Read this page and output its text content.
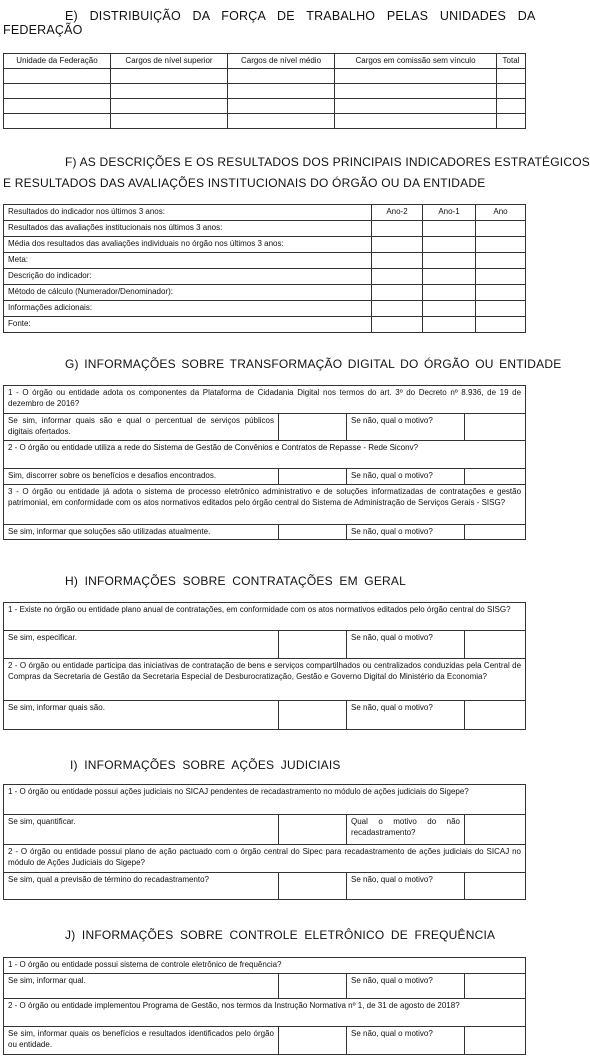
E) DISTRIBUIÇÃO DA FORÇA DE TRABALHO PELAS UNIDADES DA
FEDERAÇÃO
Unidade da Federação	Cargos de nível superior	Cargos de nível médio	Cargos em comissão sem vínculo	Total

F) AS DESCRIÇÕES E OS RESULTADOS DOS PRINCIPAIS INDICADORES ESTRATÉGICOS
E RESULTADOS DAS AVALIAÇÕES INSTITUCIONAIS DO ÓRGÃO OU DA ENTIDADE
Resultados do indicador nos últimos 3 anos:	Ano-2	Ano-1	Ano
Resultados das avaliações institucionais nos últimos 3 anos:			
Média dos resultados das avaliações individuais no órgão nos últimos 3 anos:			
Meta:			
Descrição do indicador:			
Método de cálculo (Numerador/Denominador):			
Informações adicionais:			
Fonte:			
G) INFORMAÇÕES SOBRE TRANSFORMAÇÃO DIGITAL DO ÓRGÃO OU ENTIDADE
1 - O órgão ou entidade adota os componentes da Plataforma de Cidadania Digital nos termos do art. 3º do Decreto nº 8.936, de 19 de dezembro de 2016?			
Se sim, informar quais são e qual o percentual de serviços públicos digitais ofertados.		Se não, qual o motivo?	
2 - O órgão ou entidade utiliza a rede do Sistema de Gestão de Convênios e Contratos de Repasse - Rede Siconv?			
Sim, discorrer sobre os benefícios e desafios encontrados.		Se não, qual o motivo?	
3 - O órgão ou entidade já adota o sistema de processo eletrônico administrativo e de soluções informatizadas de contratações e gestão patrimonial, em conformidade com os atos normativos editados pelo órgão central do Sistema de Administração de Serviços Gerais - SISG?			
Se sim, informar que soluções são utilizadas atualmente.		Se não, qual o motivo?	
H) INFORMAÇÕES SOBRE CONTRATAÇÕES EM GERAL
1 - Existe no órgão ou entidade plano anual de contratações, em conformidade com os atos normativos editados pelo órgão central do SISG?			
Se sim, especificar.		Se não, qual o motivo?	
2 - O órgão ou entidade participa das iniciativas de contratação de bens e serviços compartilhados ou centralizados conduzidas pela Central de Compras da Secretaria de Gestão da Secretaria Especial de Desburocratização, Gestão e Governo Digital do Ministério da Economia?			
Se sim, informar quais são.		Se não, qual o motivo?	
I) INFORMAÇÕES SOBRE AÇÕES JUDICIAIS
1 - O órgão ou entidade possui ações judiciais no SICAJ pendentes de recadastramento no módulo de ações judiciais do Sigepe?			
Se sim, quantificar.		Qual o motivo do não recadastramento?	
2 - O órgão ou entidade possui plano de ação pactuado com o órgão central do Sipec para recadastramento de ações judiciais do SICAJ no módulo de Ações Judiciais do Sigepe?			
Se sim, qual a previsão de término do recadastramento?		Se não, qual o motivo?	
J) INFORMAÇÕES SOBRE CONTROLE ELETRÔNICO DE FREQUÊNCIA
1 - O órgão ou entidade possui sistema de controle eletrônico de frequência?			
Se sim, informar qual.		Se não, qual o motivo?	
2 - O órgão ou entidade implementou Programa de Gestão, nos termos da Instrução Normativa nº 1, de 31 de agosto de 2018?			
Se sim, informar quais os benefícios e resultados identificados pelo órgão ou entidade.		Se não, qual o motivo?	
